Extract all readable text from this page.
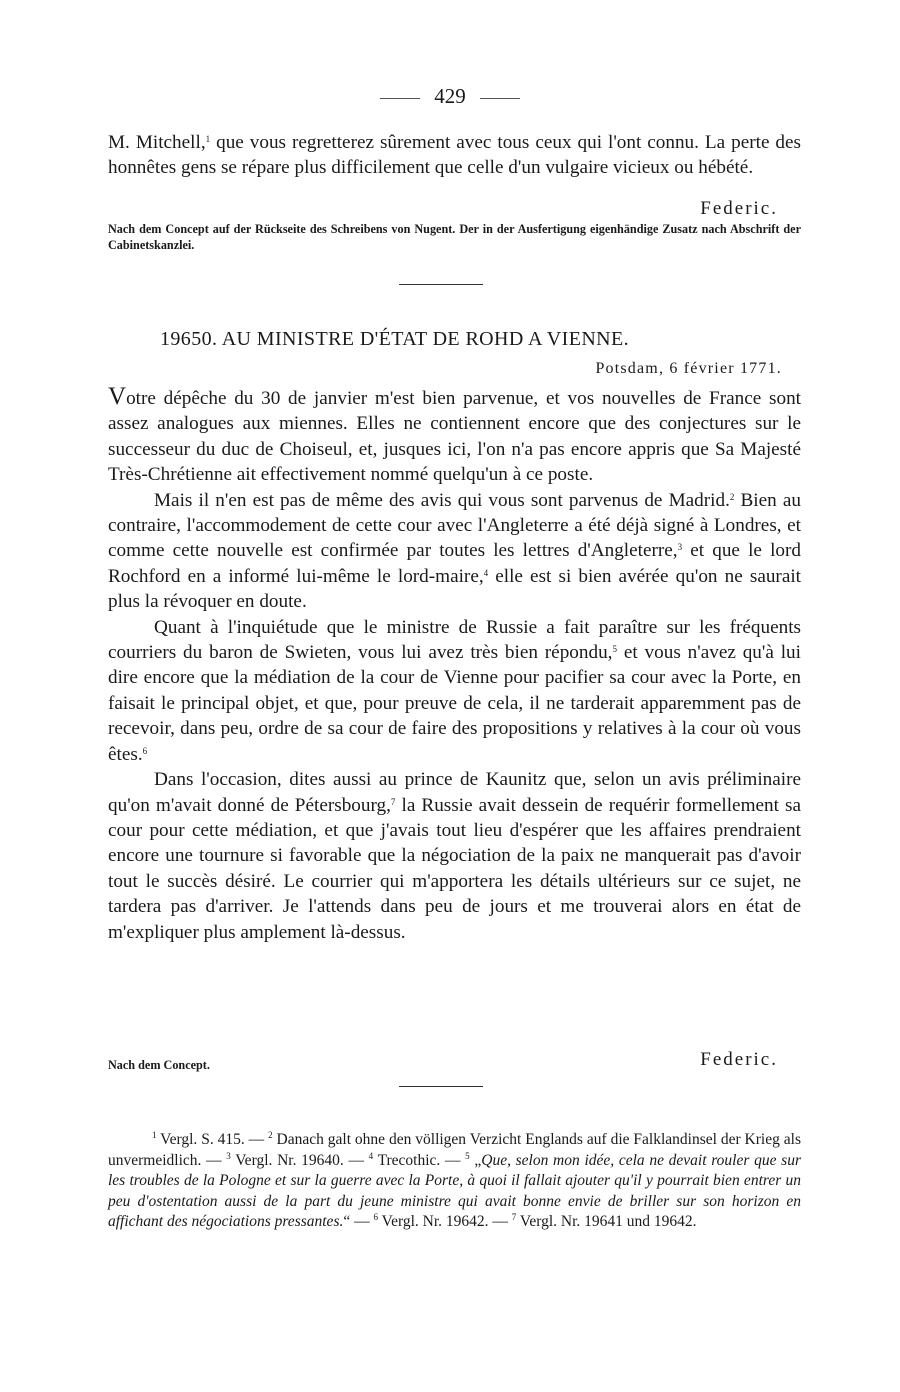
429

M. Mitchell,$^1$ que vous regretterez sûrement avec tous ceux qui l'ont connu. La perte des honnêtes gens se répare plus difficilement que celle d'un vulgaire vicieux ou hébété.

Federic.

Nach dem Concept auf der Rückseite des Schreibens von Nugent. Der in der Ausfertigung eigenhändige Zusatz nach Abschrift der Cabinetskanzlei.

19650. AU MINISTRE D'ÉTAT DE ROHD A VIENNE.
Potsdam, 6 février 1771.

Votre dépêche du 30 de janvier m'est bien parvenue, et vos nouvelles de France sont assez analogues aux miennes. Elles ne contiennent encore que des conjectures sur le successeur du duc de Choiseul, et, jusques ici, l'on n'a pas encore appris que Sa Majesté Très-Chrétienne ait effectivement nommé quelqu'un à ce poste.

Mais il n'en est pas de même des avis qui vous sont parvenus de Madrid.$^2$ Bien au contraire, l'accommodement de cette cour avec l'Angleterre a été déjà signé à Londres, et comme cette nouvelle est confirmée par toutes les lettres d'Angleterre,$^3$ et que le lord Rochford en a informé lui-même le lord-maire,$^4$ elle est si bien avérée qu'on ne saurait plus la révoquer en doute.

Quant à l'inquiétude que le ministre de Russie a fait paraître sur les fréquents courriers du baron de Swieten, vous lui avez très bien répondu,$^5$ et vous n'avez qu'à lui dire encore que la médiation de la cour de Vienne pour pacifier sa cour avec la Porte, en faisait le principal objet, et que, pour preuve de cela, il ne tarderait apparemment pas de recevoir, dans peu, ordre de sa cour de faire des propositions y relatives à la cour où vous êtes.$^6$

Dans l'occasion, dites aussi au prince de Kaunitz que, selon un avis préliminaire qu'on m'avait donné de Pétersbourg,$^7$ la Russie avait dessein de requérir formellement sa cour pour cette médiation, et que j'avais tout lieu d'espérer que les affaires prendraient encore une tournure si favorable que la négociation de la paix ne manquerait pas d'avoir tout le succès désiré. Le courrier qui m'apportera les détails ultérieurs sur ce sujet, ne tardera pas d'arriver. Je l'attends dans peu de jours et me trouverai alors en état de m'expliquer plus amplement là-dessus.

Nach dem Concept.	Federic.

$^1$ Vergl. S. 415. — $^2$ Danach galt ohne den völligen Verzicht Englands auf die Falklandinsel der Krieg als unvermeidlich. — $^3$ Vergl. Nr. 19640. — $^4$ Trecothic. — $^5$ „Que, selon mon idée, cela ne devait rouler que sur les troubles de la Pologne et sur la guerre avec la Porte, à quoi il fallait ajouter qu'il y pourrait bien entrer un peu d'ostentation aussi de la part du jeune ministre qui avait bonne envie de briller sur son horizon en affichant des négociations pressantes.“ — $^6$ Vergl. Nr. 19642. — $^7$ Vergl. Nr. 19641 und 19642.
